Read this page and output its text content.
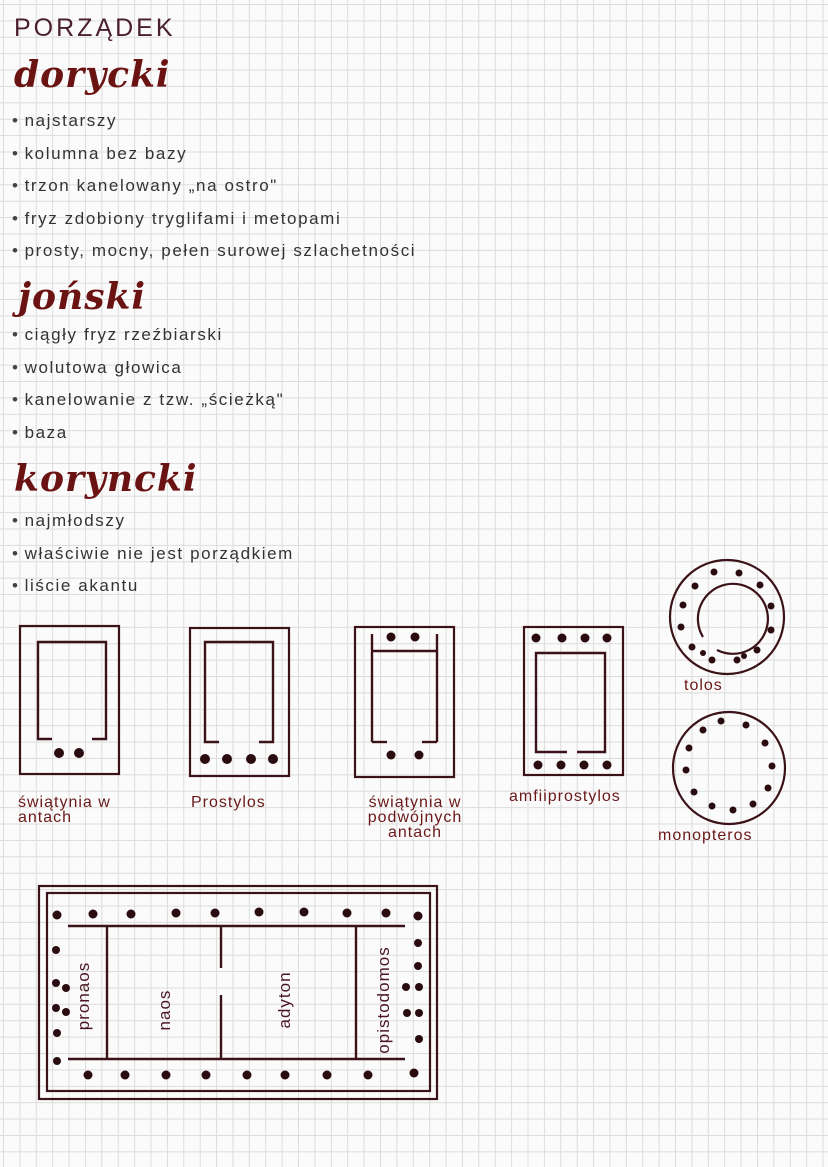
PORZĄDEK
dorycki
• najstarszy
• kolumna bez bazy
• trzon kanelowany „na ostro"
• fryz zdobiony tryglifami i metopami
• prosty, mocny, pełen surowej szlachetności
joński
• ciągły fryz rzeźbiarski
• wolutowa głowica
• kanelowanie z tzw. „ścieżką"
• baza
koryncki
• najmłodszy
• właściwie nie jest porządkiem
• liście akantu
pronaos	naos	adyton	opistodomos
świątynia w antach
Prostylos	świątynia w podwójnych antach
amfiiprostylos
tolos
monopteros
